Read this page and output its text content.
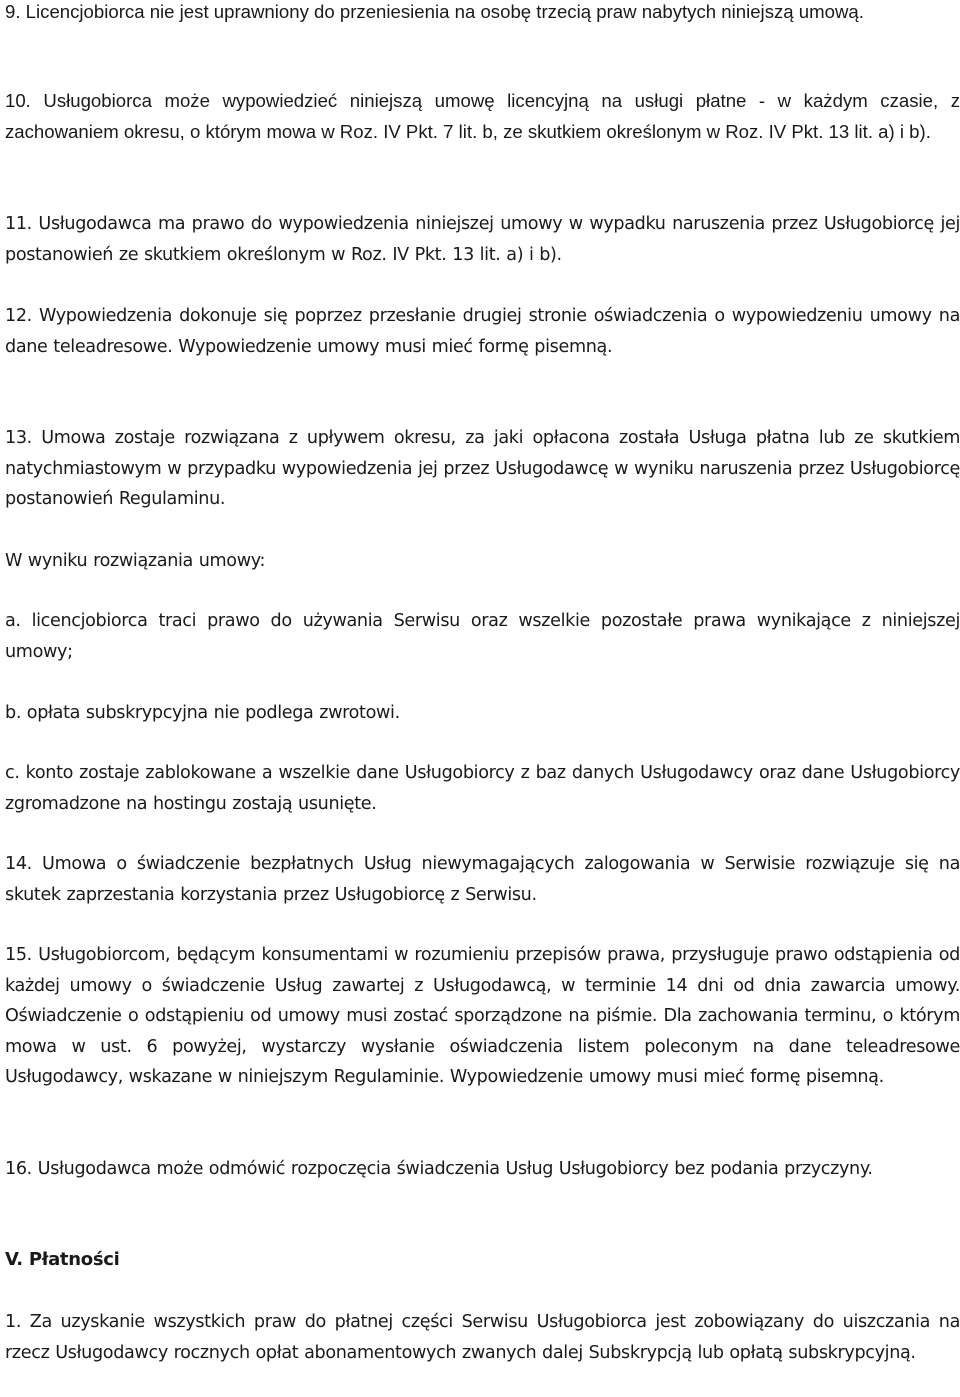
9. Licencjobiorca nie jest uprawniony do przeniesienia na osobę trzecią praw nabytych niniejszą umową.

10. Usługobiorca może wypowiedzieć niniejszą umowę licencyjną na usługi płatne - w każdym czasie, z zachowaniem okresu, o którym mowa w Roz. IV Pkt. 7 lit. b, ze skutkiem określonym w Roz. IV Pkt. 13 lit. a) i b).

11. Usługodawca ma prawo do wypowiedzenia niniejszej umowy w wypadku naruszenia przez Usługobiorcę jej postanowień ze skutkiem określonym w Roz. IV Pkt. 13 lit. a) i b).

12. Wypowiedzenia dokonuje się poprzez przesłanie drugiej stronie oświadczenia o wypowiedzeniu umowy na dane teleadresowe. Wypowiedzenie umowy musi mieć formę pisemną.

13. Umowa zostaje rozwiązana z upływem okresu, za jaki opłacona została Usługa płatna lub ze skutkiem natychmiastowym w przypadku wypowiedzenia jej przez Usługodawcę w wyniku naruszenia przez Usługobiorcę postanowień Regulaminu.

W wyniku rozwiązania umowy:

a. licencjobiorca traci prawo do używania Serwisu oraz wszelkie pozostałe prawa wynikające z niniejszej umowy;

b. opłata subskrypcyjna nie podlega zwrotowi.

c. konto zostaje zablokowane a wszelkie dane Usługobiorcy z baz danych Usługodawcy oraz dane Usługobiorcy zgromadzone na hostingu zostają usunięte.

14. Umowa o świadczenie bezpłatnych Usług niewymagających zalogowania w Serwisie rozwiązuje się na skutek zaprzestania korzystania przez Usługobiorcę z Serwisu.

15. Usługobiorcom, będącym konsumentami w rozumieniu przepisów prawa, przysługuje prawo odstąpienia od każdej umowy o świadczenie Usług zawartej z Usługodawcą, w terminie 14 dni od dnia zawarcia umowy. Oświadczenie o odstąpieniu od umowy musi zostać sporządzone na piśmie. Dla zachowania terminu, o którym mowa w ust. 6 powyżej, wystarczy wysłanie oświadczenia listem poleconym na dane teleadresowe Usługodawcy, wskazane w niniejszym Regulaminie. Wypowiedzenie umowy musi mieć formę pisemną.

16. Usługodawca może odmówić rozpoczęcia świadczenia Usług Usługobiorcy bez podania przyczyny.

V. Płatności

1. Za uzyskanie wszystkich praw do płatnej części Serwisu Usługobiorca jest zobowiązany do uiszczania na rzecz Usługodawcy rocznych opłat abonamentowych zwanych dalej Subskrypcją lub opłatą subskrypcyjną.
